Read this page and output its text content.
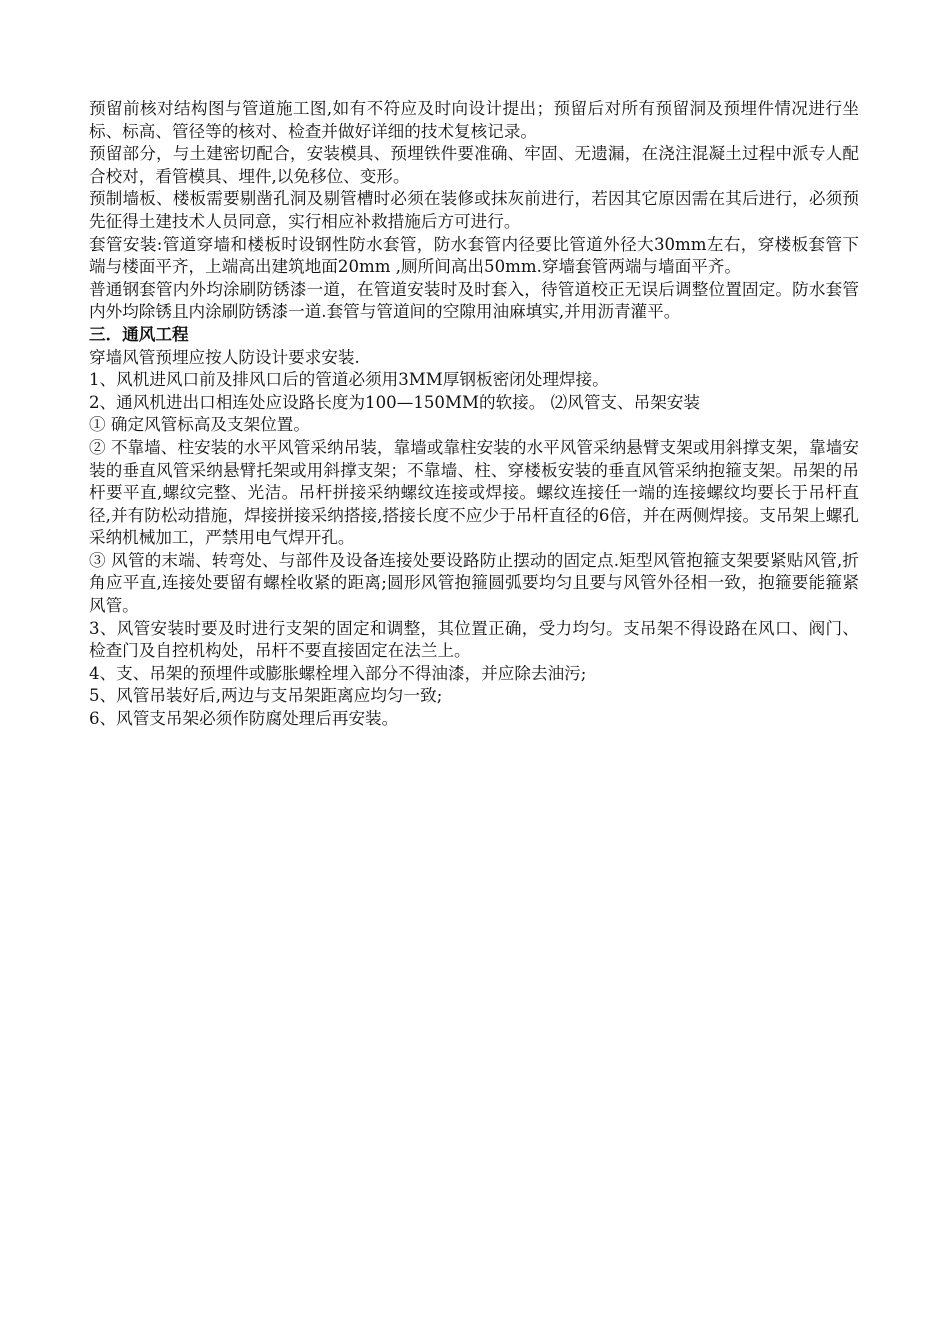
预留前核对结构图与管道施工图,如有不符应及时向设计提出；预留后对所有预留洞及预埋件情况进行坐标、标高、管径等的核对、检查并做好详细的技术复核记录。

预留部分，与土建密切配合，安装模具、预埋铁件要准确、牢固、无遗漏，在浇注混凝土过程中派专人配合校对，看管模具、埋件,以免移位、变形。

预制墙板、楼板需要剔凿孔洞及剔管槽时必须在装修或抹灰前进行，若因其它原因需在其后进行，必须预先征得土建技术人员同意，实行相应补救措施后方可进行。

套管安装:管道穿墙和楼板时设钢性防水套管，防水套管内径要比管道外径大30mm左右，穿楼板套管下端与楼面平齐，上端高出建筑地面20mm ,厕所间高出50mm.穿墙套管两端与墙面平齐。

普通钢套管内外均涂刷防锈漆一道，在管道安装时及时套入，待管道校正无误后调整位置固定。防水套管内外均除锈且内涂刷防锈漆一道.套管与管道间的空隙用油麻填实,并用沥青灌平。

三．通风工程

穿墙风管预埋应按人防设计要求安装.

1、风机进风口前及排风口后的管道必须用3MM厚钢板密闭处理焊接。

2、通风机进出口相连处应设路长度为100—150MM的软接。 ⑵风管支、吊架安装

① 确定风管标高及支架位置。

② 不靠墙、柱安装的水平风管采纳吊装，靠墙或靠柱安装的水平风管采纳悬臂支架或用斜撑支架，靠墙安装的垂直风管采纳悬臂托架或用斜撑支架；不靠墙、柱、穿楼板安装的垂直风管采纳抱箍支架。吊架的吊杆要平直,螺纹完整、光洁。吊杆拼接采纳螺纹连接或焊接。螺纹连接任一端的连接螺纹均要长于吊杆直径,并有防松动措施，焊接拼接采纳搭接,搭接长度不应少于吊杆直径的6倍，并在两侧焊接。支吊架上螺孔采纳机械加工，严禁用电气焊开孔。

③ 风管的末端、转弯处、与部件及设备连接处要设路防止摆动的固定点.矩型风管抱箍支架要紧贴风管,折角应平直,连接处要留有螺栓收紧的距离;圆形风管抱箍圆弧要均匀且要与风管外径相一致，抱箍要能箍紧风管。

3、风管安装时要及时进行支架的固定和调整，其位置正确，受力均匀。支吊架不得设路在风口、阀门、检查门及自控机构处，吊杆不要直接固定在法兰上。

4、支、吊架的预埋件或膨胀螺栓埋入部分不得油漆，并应除去油污;

5、风管吊装好后,两边与支吊架距离应均匀一致;

6、风管支吊架必须作防腐处理后再安装。
